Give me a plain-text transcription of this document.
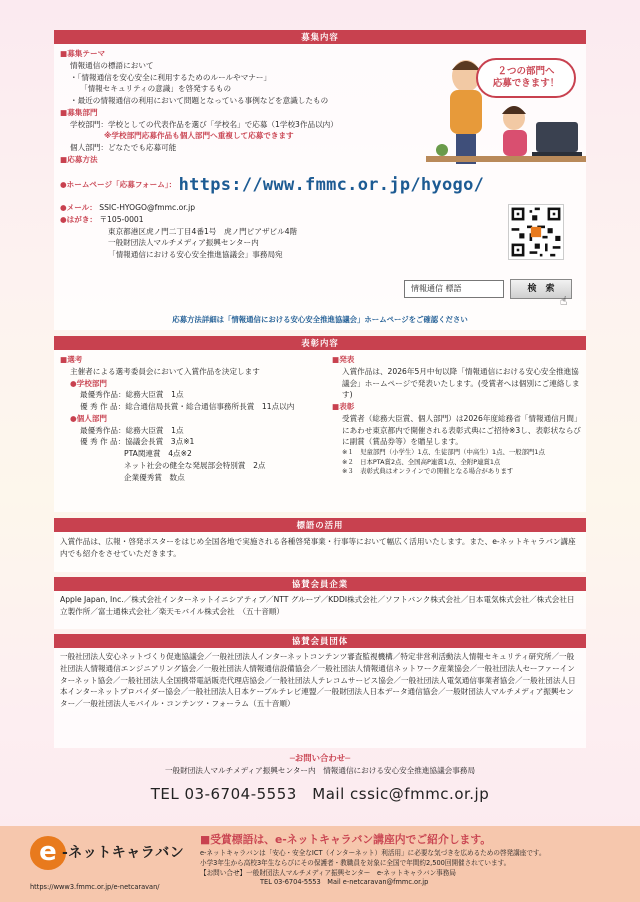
募集内容
■ 募集テーマ
情報通信の標語において
・「情報通信を安心安全に利用するためのルールやマナー」
「情報セキュリティの意識」を啓発するもの
・最近の情報通信の利用において問題となっている事例などを意識したもの
■ 募集部門
学校部門：学校としての代表作品を選び「学校名」で応募（1学校3作品以内）
※学校部門応募作品も個人部門へ重複して応募できます
個人部門：どなたでも応募可能
■ 応募方法
●ホームページ「応募フォーム」： https://www.fmmc.or.jp/hyogo/
●メール： SSIC-HYOGO@fmmc.or.jp
●はがき： 〒105-0001
東京都港区虎ノ門二丁目4番1号　虎ノ門ピアザビル4階
一般財団法人マルチメディア振興センター内
「情報通信における安心安全推進協議会」事務局宛
２つの部門へ
応募できます！
情報通信 標語	検　索
☝
応募方法詳細は「情報通信における安心安全推進協議会」ホームページをご確認ください
表彰内容
■ 選考
主催者による選考委員会において入賞作品を決定します
●学校部門
最優秀作品：総務大臣賞　1点
優 秀 作 品：総合通信局長賞・総合通信事務所長賞　11点以内
●個人部門
最優秀作品：総務大臣賞　1点
優 秀 作 品：協議会長賞　3点※1
PTA関連賞　4点※2
ネット社会の健全な発展部会特別賞　2点
企業優秀賞　数点
■ 発表
入賞作品は、2026年5月中旬以降「情報通信における安心安全推進協議会」ホームページで発表いたします。(受賞者へは個別にご連絡します)
■ 表彰
受賞者（総務大臣賞、個人部門）は2026年度総務省「情報通信月間」にあわせ東京都内で開催される表彰式典にご招待※3し、表彰状ならびに副賞（賞品券等）を贈呈します。
※１　児童部門（小学生）1点、生徒部門（中高生）1点、一般部門1点
※２　日本PTA賞2点、全国高P連賞1点、全附P連賞1点
※３　表彰式典はオンラインでの開催となる場合があります
標語の活用
入賞作品は、広報・啓発ポスターをはじめ全国各地で実施される各種啓発事業・行事等において幅広く活用いたします。また、e-ネットキャラバン講座内でも紹介をさせていただきます。
協賛会員企業
Apple Japan, Inc.／株式会社インターネットイニシアティブ／NTT グループ／KDDI株式会社／ソフトバンク株式会社／日本電気株式会社／株式会社日立製作所／富士通株式会社／楽天モバイル株式会社　（五十音順）
協賛会員団体
一般社団法人安心ネットづくり促進協議会／一般社団法人インターネットコンテンツ審査監視機構／特定非営利活動法人情報セキュリティ研究所／一般社団法人情報通信エンジニアリング協会／一般社団法人情報通信設備協会／一般社団法人情報通信ネットワーク産業協会／一般社団法人セーファーインターネット協会／一般社団法人全国携帯電話販売代理店協会／一般社団法人テレコムサービス協会／一般社団法人電気通信事業者協会／一般社団法人日本インターネットプロバイダー協会／一般社団法人日本ケーブルテレビ連盟／一般財団法人日本データ通信協会／一般財団法人マルチメディア振興センター／一般社団法人モバイル・コンテンツ・フォーラム（五十音順）
─お問い合わせ─
一般財団法人マルチメディア振興センター内　情報通信における安心安全推進協議会事務局
TEL 03-6704-5553　Mail cssic@fmmc.or.jp
e -ネットキャラバン
https://www3.fmmc.or.jp/e-netcaravan/
■受賞標語は、e-ネットキャラバン講座内でご紹介します。
e-ネットキャラバンは「安心・安全なICT（インターネット）利活用」に必要な気づきを広めるための啓発講座です。
小学3年生から高校3年生ならびにその保護者・教職員を対象に全国で年間約2,500回開催されています。
【お問い合せ】一般財団法人マルチメディア振興センター　e-ネットキャラバン事務局
TEL 03-6704-5553　Mail e-netcaravan@fmmc.or.jp
